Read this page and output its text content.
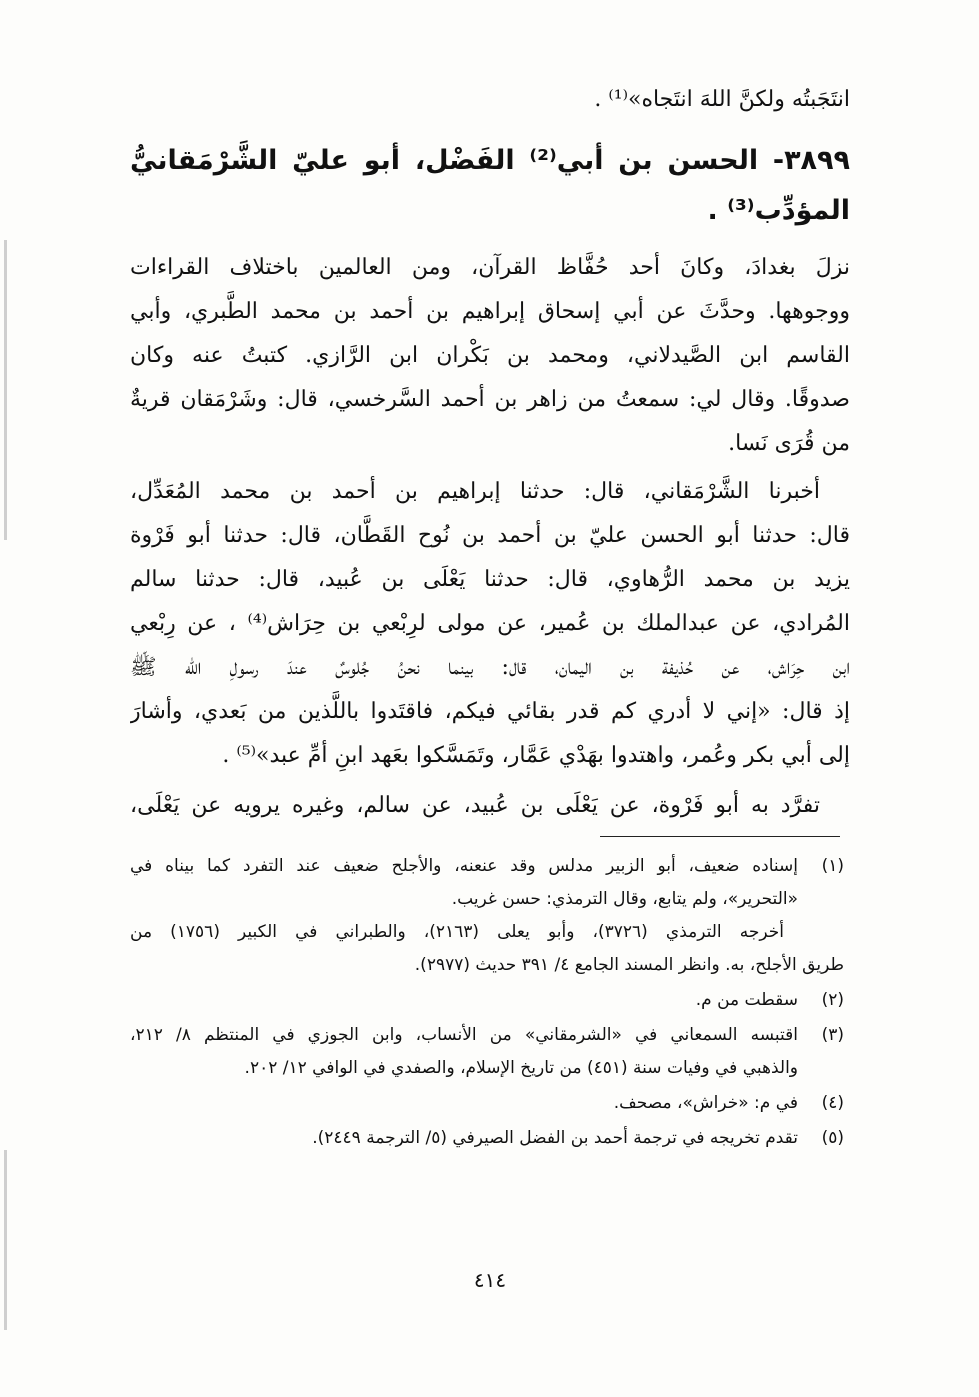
انتَجَبتُه ولكنَّ اللهَ انتَجاه»⁽¹⁾ .
٣٨٩٩- الحسن بن أبي⁽²⁾ الفَضْل، أبو عليّ الشَّرْمَقانيُّ
المؤدِّب⁽³⁾ .
نزلَ بغدادَ، وكانَ أحد حُفَّاظ القرآن، ومن العالمين باختلاف القراءات
ووجوهها. وحدَّثَ عن أبي إسحاق إبراهيم بن أحمد بن محمد الطَّبري، وأبي
القاسم ابن الصَّيدلاني، ومحمد بن بَكْران ابن الرَّازي. كتبتُ عنه وكان
صدوقًا. وقال لي: سمعتُ من زاهر بن أحمد السَّرخسي، قال: وشَرْمَقان قريةٌ
من قُرَى نَسا.
أخبرنا الشَّرْمَقاني، قال: حدثنا إبراهيم بن أحمد بن محمد المُعَدِّل،
قال: حدثنا أبو الحسن عليّ بن أحمد بن نُوح القَطَّان، قال: حدثنا أبو فَرْوة
يزيد بن محمد الرُّهاوي، قال: حدثنا يَعْلَى بن عُبيد، قال: حدثنا سالم
المُرادي، عن عبدالملك بن عُمير، عن مولى لرِبْعي بن حِرَاش⁽⁴⁾ ، عن رِبْعي
ابن حِرَاش، عن حُذيفة بن اليمان، قال: بينما نحنُ جُلوسٌ عندَ رسولِ الله ﷺ
إذ قال: «إني لا أدري كم قدر بقائي فيكم، فاقتَدوا باللَّذين من بَعدي، وأشارَ
إلى أبي بكر وعُمر، واهتدوا بهَدْي عَمَّار، وتَمَسَّكوا بعَهد ابنِ أمِّ عبد»⁽⁵⁾ .
تفرَّد به أبو فَرْوة، عن يَعْلَى بن عُبيد، عن سالم، وغيره يرويه عن يَعْلَى،
(١)
إسناده ضعيف، أبو الزبير مدلس وقد عنعنه، والأجلح ضعيف عند التفرد كما بيناه في
«التحرير»، ولم يتابع، وقال الترمذي: حسن غريب.
أخرجه الترمذي (٣٧٢٦)، وأبو يعلى (٢١٦٣)، والطبراني في الكبير (١٧٥٦) من
طريق الأجلح، به. وانظر المسند الجامع ٤/ ٣٩١ حديث (٢٩٧٧).
(٢)
سقطت من م.
(٣)
اقتبسه السمعاني في «الشرمقاني» من الأنساب، وابن الجوزي في المنتظم ٨/ ٢١٢،
والذهبي في وفيات سنة (٤٥١) من تاريخ الإسلام، والصفدي في الوافي ١٢/ ٢٠٢.
(٤)
في م: «خراش»، مصحف.
(٥)
تقدم تخريجه في ترجمة أحمد بن الفضل الصيرفي (٥/ الترجمة ٢٤٤٩).
٤١٤
